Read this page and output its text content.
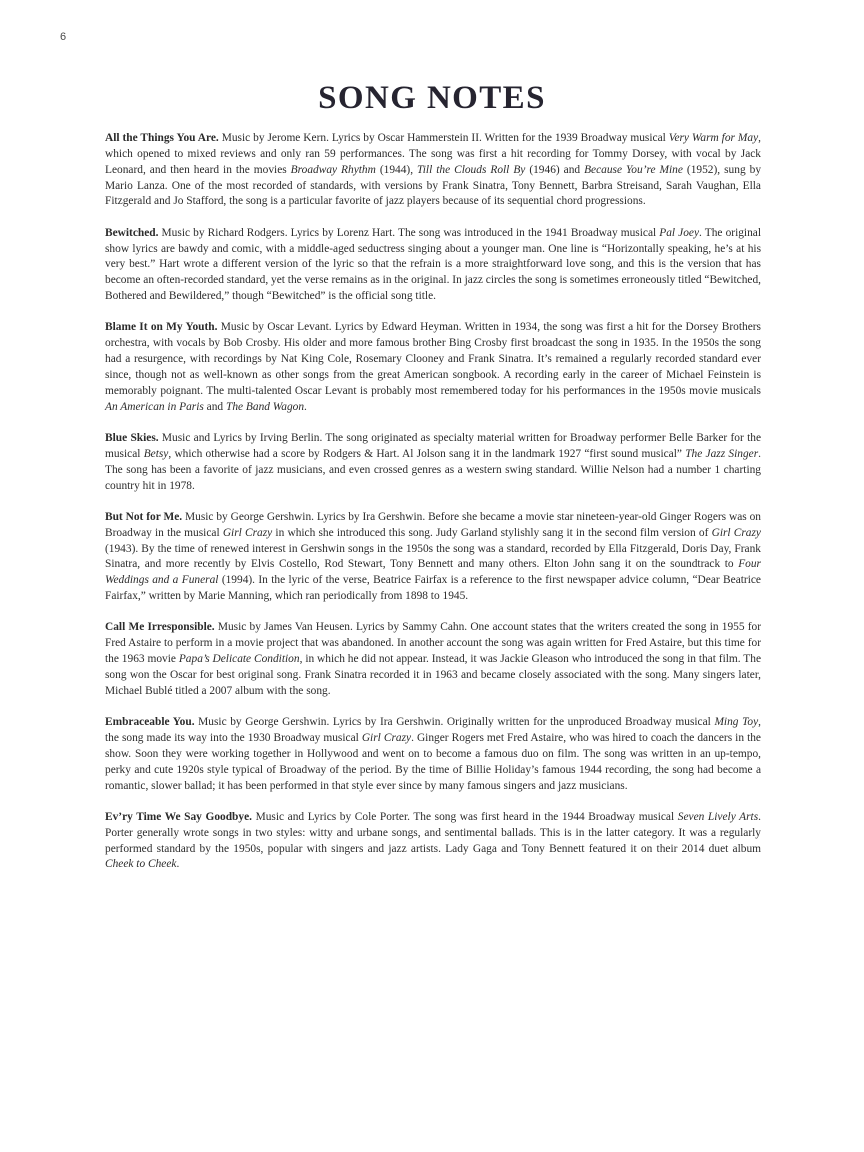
6
SONG NOTES

All the Things You Are. Music by Jerome Kern. Lyrics by Oscar Hammerstein II. Written for the 1939 Broadway musical Very Warm for May, which opened to mixed reviews and only ran 59 performances. The song was first a hit recording for Tommy Dorsey, with vocal by Jack Leonard, and then heard in the movies Broadway Rhythm (1944), Till the Clouds Roll By (1946) and Because You’re Mine (1952), sung by Mario Lanza. One of the most recorded of standards, with versions by Frank Sinatra, Tony Bennett, Barbra Streisand, Sarah Vaughan, Ella Fitzgerald and Jo Stafford, the song is a particular favorite of jazz players because of its sequential chord progressions.

Bewitched. Music by Richard Rodgers. Lyrics by Lorenz Hart. The song was introduced in the 1941 Broadway musical Pal Joey. The original show lyrics are bawdy and comic, with a middle-aged seductress singing about a younger man. One line is “Horizontally speaking, he’s at his very best.” Hart wrote a different version of the lyric so that the refrain is a more straightforward love song, and this is the version that has become an often-recorded standard, yet the verse remains as in the original. In jazz circles the song is sometimes erroneously titled “Bewitched, Bothered and Bewildered,” though “Bewitched” is the official song title.

Blame It on My Youth. Music by Oscar Levant. Lyrics by Edward Heyman. Written in 1934, the song was first a hit for the Dorsey Brothers orchestra, with vocals by Bob Crosby. His older and more famous brother Bing Crosby first broadcast the song in 1935. In the 1950s the song had a resurgence, with recordings by Nat King Cole, Rosemary Clooney and Frank Sinatra. It’s remained a regularly recorded standard ever since, though not as well-known as other songs from the great American songbook. A recording early in the career of Michael Feinstein is memorably poignant. The multi-talented Oscar Levant is probably most remembered today for his performances in the 1950s movie musicals An American in Paris and The Band Wagon.

Blue Skies. Music and Lyrics by Irving Berlin. The song originated as specialty material written for Broadway performer Belle Barker for the musical Betsy, which otherwise had a score by Rodgers & Hart. Al Jolson sang it in the landmark 1927 “first sound musical” The Jazz Singer. The song has been a favorite of jazz musicians, and even crossed genres as a western swing standard. Willie Nelson had a number 1 charting country hit in 1978.

But Not for Me. Music by George Gershwin. Lyrics by Ira Gershwin. Before she became a movie star nineteen-year-old Ginger Rogers was on Broadway in the musical Girl Crazy in which she introduced this song. Judy Garland stylishly sang it in the second film version of Girl Crazy (1943). By the time of renewed interest in Gershwin songs in the 1950s the song was a standard, recorded by Ella Fitzgerald, Doris Day, Frank Sinatra, and more recently by Elvis Costello, Rod Stewart, Tony Bennett and many others. Elton John sang it on the soundtrack to Four Weddings and a Funeral (1994). In the lyric of the verse, Beatrice Fairfax is a reference to the first newspaper advice column, “Dear Beatrice Fairfax,” written by Marie Manning, which ran periodically from 1898 to 1945.

Call Me Irresponsible. Music by James Van Heusen. Lyrics by Sammy Cahn. One account states that the writers created the song in 1955 for Fred Astaire to perform in a movie project that was abandoned. In another account the song was again written for Fred Astaire, but this time for the 1963 movie Papa’s Delicate Condition, in which he did not appear. Instead, it was Jackie Gleason who introduced the song in that film. The song won the Oscar for best original song. Frank Sinatra recorded it in 1963 and became closely associated with the song. Many singers later, Michael Bublé titled a 2007 album with the song.

Embraceable You. Music by George Gershwin. Lyrics by Ira Gershwin. Originally written for the unproduced Broadway musical Ming Toy, the song made its way into the 1930 Broadway musical Girl Crazy. Ginger Rogers met Fred Astaire, who was hired to coach the dancers in the show. Soon they were working together in Hollywood and went on to become a famous duo on film. The song was written in an up-tempo, perky and cute 1920s style typical of Broadway of the period. By the time of Billie Holiday’s famous 1944 recording, the song had become a romantic, slower ballad; it has been performed in that style ever since by many famous singers and jazz musicians.

Ev’ry Time We Say Goodbye. Music and Lyrics by Cole Porter. The song was first heard in the 1944 Broadway musical Seven Lively Arts. Porter generally wrote songs in two styles: witty and urbane songs, and sentimental ballads. This is in the latter category. It was a regularly performed standard by the 1950s, popular with singers and jazz artists. Lady Gaga and Tony Bennett featured it on their 2014 duet album Cheek to Cheek.
